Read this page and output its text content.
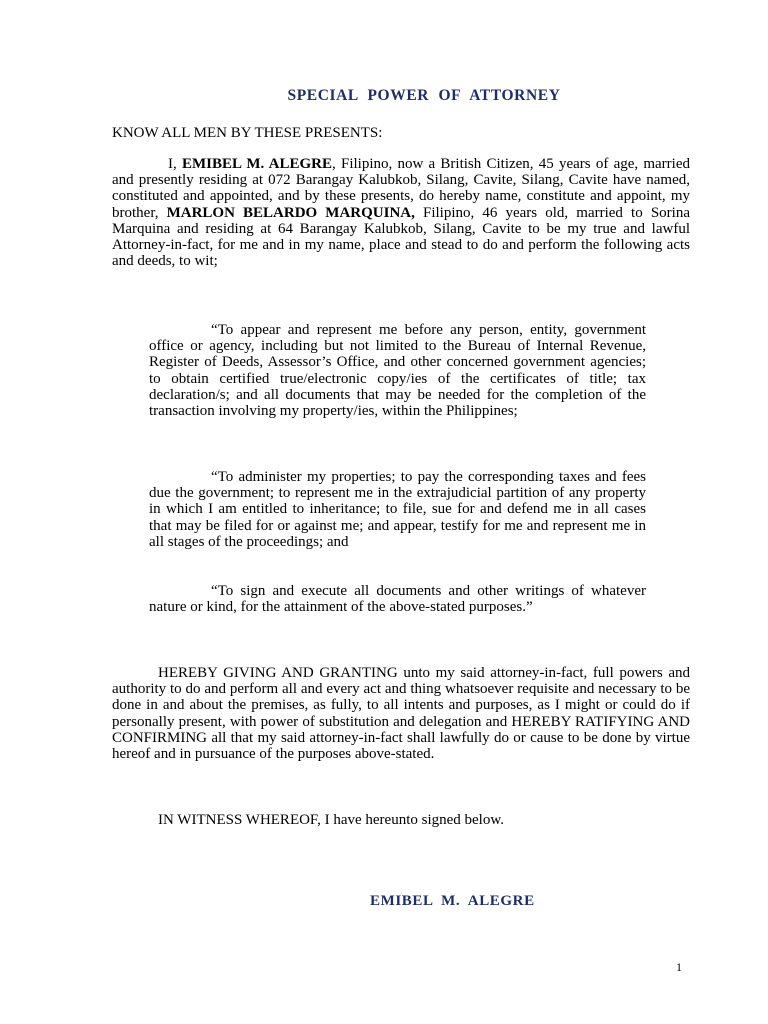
SPECIAL POWER OF ATTORNEY
KNOW ALL MEN BY THESE PRESENTS:
I, EMIBEL M. ALEGRE, Filipino, now a British Citizen, 45 years of age, married and presently residing at 072 Barangay Kalubkob, Silang, Cavite, Silang, Cavite have named, constituted and appointed, and by these presents, do hereby name, constitute and appoint, my brother, MARLON BELARDO MARQUINA, Filipino, 46 years old, married to Sorina Marquina and residing at 64 Barangay Kalubkob, Silang, Cavite to be my true and lawful Attorney-in-fact, for me and in my name, place and stead to do and perform the following acts and deeds, to wit;
“To appear and represent me before any person, entity, government office or agency, including but not limited to the Bureau of Internal Revenue, Register of Deeds, Assessor’s Office, and other concerned government agencies; to obtain certified true/electronic copy/ies of the certificates of title; tax declaration/s; and all documents that may be needed for the completion of the transaction involving my property/ies, within the Philippines;
“To administer my properties; to pay the corresponding taxes and fees due the government; to represent me in the extrajudicial partition of any property in which I am entitled to inheritance; to file, sue for and defend me in all cases that may be filed for or against me; and appear, testify for me and represent me in all stages of the proceedings; and
“To sign and execute all documents and other writings of whatever nature or kind, for the attainment of the above-stated purposes.”
HEREBY GIVING AND GRANTING unto my said attorney-in-fact, full powers and authority to do and perform all and every act and thing whatsoever requisite and necessary to be done in and about the premises, as fully, to all intents and purposes, as I might or could do if personally present, with power of substitution and delegation and HEREBY RATIFYING AND CONFIRMING all that my said attorney-in-fact shall lawfully do or cause to be done by virtue hereof and in pursuance of the purposes above-stated.
IN WITNESS WHEREOF, I have hereunto signed below.
EMIBEL M. ALEGRE
1
